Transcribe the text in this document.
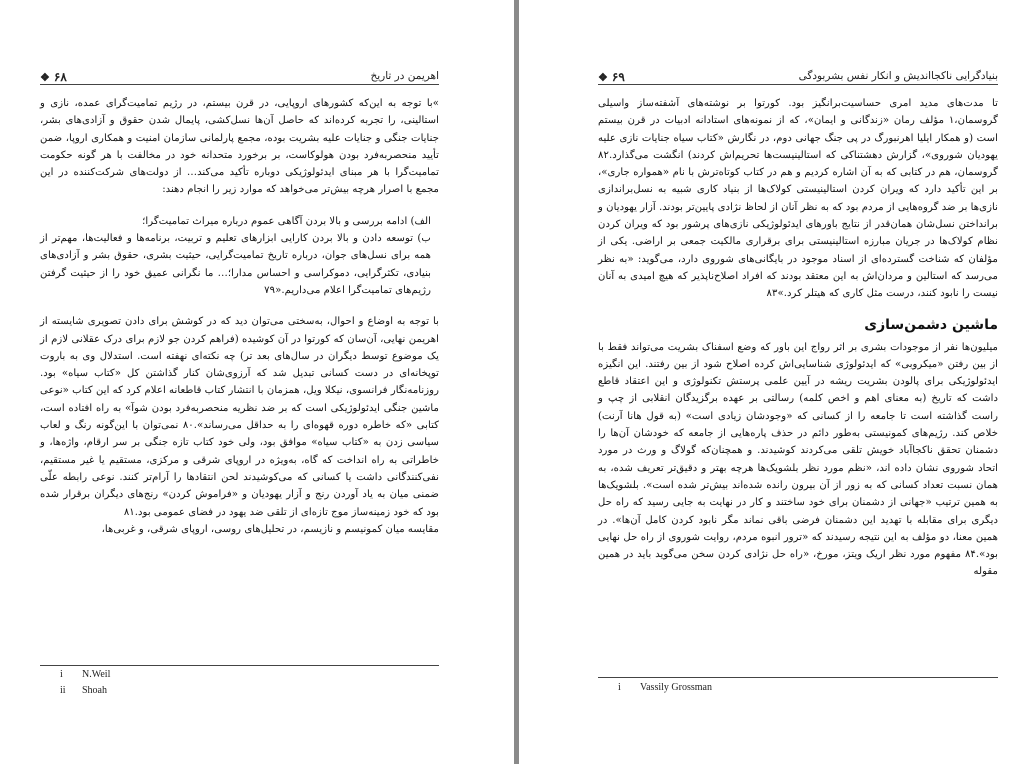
❖ ۶۸	اهریمن در تاریخ

»با توجه به این‌که کشورهای اروپایی، در قرن بیستم، در رژیم تمامیت‌گرای عمده، نازی و استالینی، را تجربه کرده‌اند که حاصل آن‌ها نسل‌کشی، پایمال شدن حقوق و آزادی‌های بشر، جنایات جنگی و جنایات علیه بشریت بوده، مجمع پارلمانی سازمان امنیت و همکاری اروپا، ضمن تأیید منحصربه‌فرد بودن هولوکاست، بر برخورد متحدانه خود در مخالفت با هر گونه حکومت تمامیت‌گرا با هر مبنای ایدئولوژیکی دوباره تأکید می‌کند… از دولت‌های شرکت‌کننده در این مجمع با اصرار هرچه بیش‌تر می‌خواهد که موارد زیر را انجام دهند:

الف) ادامه بررسی و بالا بردن آگاهی عموم درباره میراث تمامیت‌گرا؛

ب) توسعه دادن و بالا بردن کارایی ابزارهای تعلیم و تربیت، برنامه‌ها و فعالیت‌ها، مهم‌تر از همه برای نسل‌های جوان، درباره تاریخ تمامیت‌گرایی، حیثیت بشری، حقوق بشر و آزادی‌های بنیادی، تکثرگرایی، دموکراسی و احساس مدارا؛… ما نگرانی عمیق خود را از حیثیت گرفتن رژیم‌های تمامیت‌گرا اعلام می‌داریم.«۷۹

با توجه به اوضاع و احوال، به‌سختی می‌توان دید که در کوشش برای دادن تصویری شایسته از اهریمن نهایی، آن‌سان که کورتوا در آن کوشیده (فراهم کردن جو لازم برای درک عقلانی لازم از یک موضوع توسط دیگران در سال‌های بعد تر) چه نکته‌ای نهفته است. استدلال وی به باروت توپخانه‌ای در دست کسانی تبدیل شد که آرزوی‌شان کنار گذاشتن کل «کتاب سیاه» بود. روزنامه‌نگار فرانسوی، نیکلا ویل، همزمان با انتشار کتاب قاطعانه اعلام کرد که این کتاب «نوعی ماشین جنگی ایدئولوژیکی است که بر ضد نظریه منحصربه‌فرد بودن شوآ» به راه افتاده است، کتابی «که خاطره دوره قهوه‌ای را به حداقل می‌رساند».۸۰ نمی‌توان با این‌گونه رنگ و لعاب سیاسی زدن به «کتاب سیاه» موافق بود، ولی خود کتاب تازه جنگی بر سر ارقام، واژه‌ها، و خاطراتی به راه انداخت که گاه، به‌ویژه در اروپای شرقی و مرکزی، مستقیم یا غیر مستقیم، نفی‌کنندگانی داشت یا کسانی که می‌کوشیدند لحن انتقادها را آرام‌تر کنند. نوعی رابطه علّی ضمنی میان به یاد آوردن رنج و آزار یهودیان و «فراموش کردن» رنج‌های دیگران برقرار شده بود که خود زمینه‌ساز موج تازه‌ای از تلقی ضد یهود در فضای عمومی بود.۸۱

مقایسه میان کمونیسم و نازیسم، در تحلیل‌های روسی، اروپای شرقی، و غربی‌ها،

i	N.Weil
ii Shoah
❖ ۶۹	بنیادگرایی ناکجااندیش و انکار نفس بشربودگی

تا مدت‌های مدید امری حساسیت‌برانگیز بود. کورتوا بر نوشته‌های آشفته‌ساز واسیلی گروسمان،۱ مؤلف رمان «زندگانی و ایمان»، که از نمونه‌های استادانه ادبیات در قرن بیستم است (و همکار ایلیا اهرنبورگ در پی جنگ جهانی دوم، در نگارش «کتاب سیاه جنایات نازی علیه یهودیان شوروی»، گزارش دهشتناکی که استالینیست‌ها تحریم‌اش کردند) انگشت می‌گذارد.۸۲ گروسمان، هم در کتابی که به آن اشاره کردیم و هم در کتاب کوتاه‌ترش با نام «همواره جاری»، بر این تأکید دارد که ویران کردن استالینیستی کولاک‌ها از بنیاد کاری شبیه به نسل‌براندازی نازی‌ها بر ضد گروه‌هایی از مردم بود که به نظر آنان از لحاظ نژادی پایین‌تر بودند. آزار یهودیان و برانداختن نسل‌شان همان‌قدر از نتایج باورهای ایدئولوژیکی نازی‌های پرشور بود که ویران کردن نظام کولاک‌ها در جریان مبارزه استالینیستی برای برقراری مالکیت جمعی بر اراضی. یکی از مؤلفان که شناخت گسترده‌ای از اسناد موجود در بایگانی‌های شوروی دارد، می‌گوید: «به نظر می‌رسد که استالین و مردان‌اش به این معتقد بودند که افراد اصلاح‌ناپذیر که هیچ امیدی به آنان نیست را نابود کنند، درست مثل کاری که هیتلر کرد.»۸۳

ماشین دشمن‌سازی

میلیون‌ها نفر از موجودات بشری بر اثر رواج این باور که وضع اسفناک بشریت می‌تواند فقط با از بین رفتن «میکروبی» که ایدئولوژی شناسایی‌اش کرده اصلاح شود از بین رفتند. این انگیزه ایدئولوژیکی برای پالودن بشریت ریشه در آیین علمی پرستش تکنولوژی و این اعتقاد قاطع داشت که تاریخ (به معنای اهم و اخص کلمه) رسالتی بر عهده برگزیدگان انقلابی از چپ و راست گذاشته است تا جامعه را از کسانی که «وجودشان زیادی است» (به قول هانا آرنت) خلاص کند. رژیم‌های کمونیستی به‌طور دائم در حذف پاره‌هایی از جامعه که خودشان آن‌ها را دشمنان تحقق ناکجاآباد خویش تلقی می‌کردند کوشیدند. و همچنان‌که گولاگ و ورث در مورد اتحاد شوروی نشان داده اند، «نظم مورد نظر بلشویک‌ها هرچه بهتر و دقیق‌تر تعریف شده، به همان نسبت تعداد کسانی که به زور از آن بیرون رانده شده‌اند بیش‌تر شده است». بلشویک‌ها به همین ترتیب «جهانی از دشمنان برای خود ساختند و کار در نهایت به جایی رسید که راه حل دیگری برای مقابله با تهدید این دشمنان فرضی باقی نماند مگر نابود کردن کامل آن‌ها». در همین معنا، دو مؤلف به این نتیجه رسیدند که «ترور انبوه مردم، روایت شوروی از راه حل نهایی بود».۸۴ مفهوم مورد نظر اریک ویتز، مورخ، «راه حل نژادی کردن سخن می‌گوید باید در همین مقوله

i	Vassily Grossman
